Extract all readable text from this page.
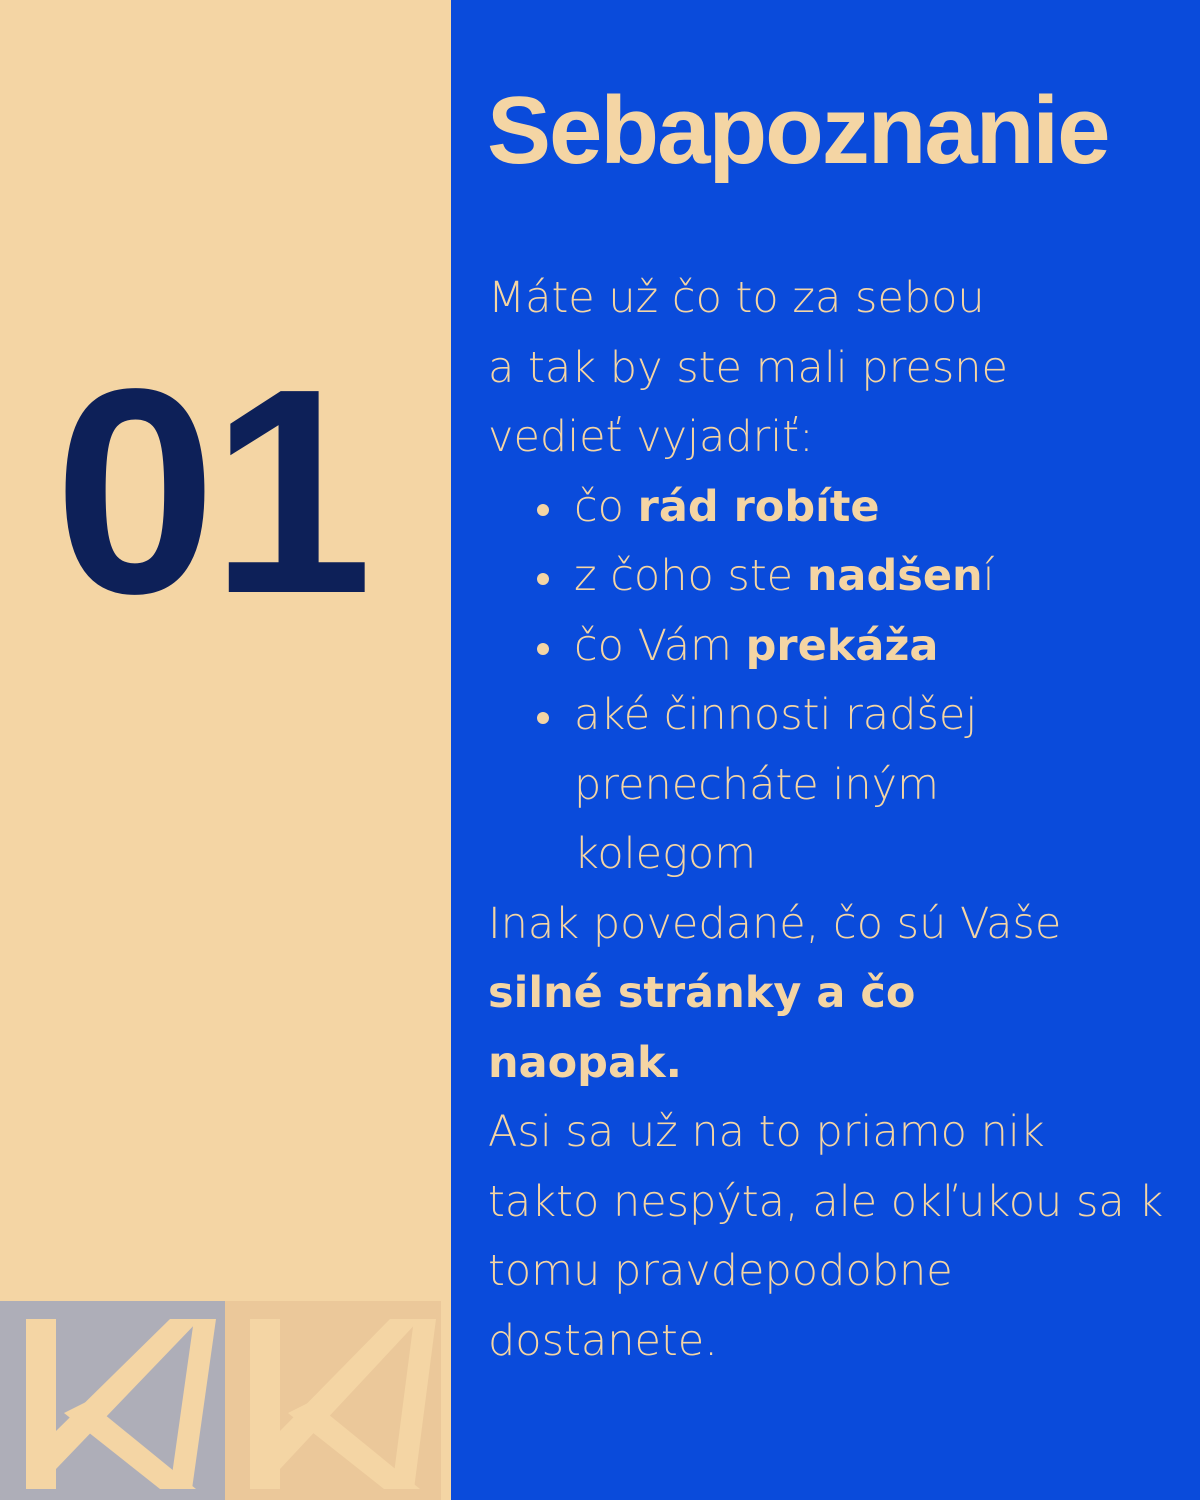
01
Sebapoznanie

Máte už čo to za sebou
a tak by ste mali presne
vedieť vyjadriť:

čo rád robíte
z čoho ste nadšení
čo Vám prekáža
aké činnosti radšej prenecháte iným kolegom

Inak povedané, čo sú Vaše silné stránky a čo naopak.

Asi sa už na to priamo nik takto nespýta, ale okľukou sa k tomu pravdepodobne dostanete.
